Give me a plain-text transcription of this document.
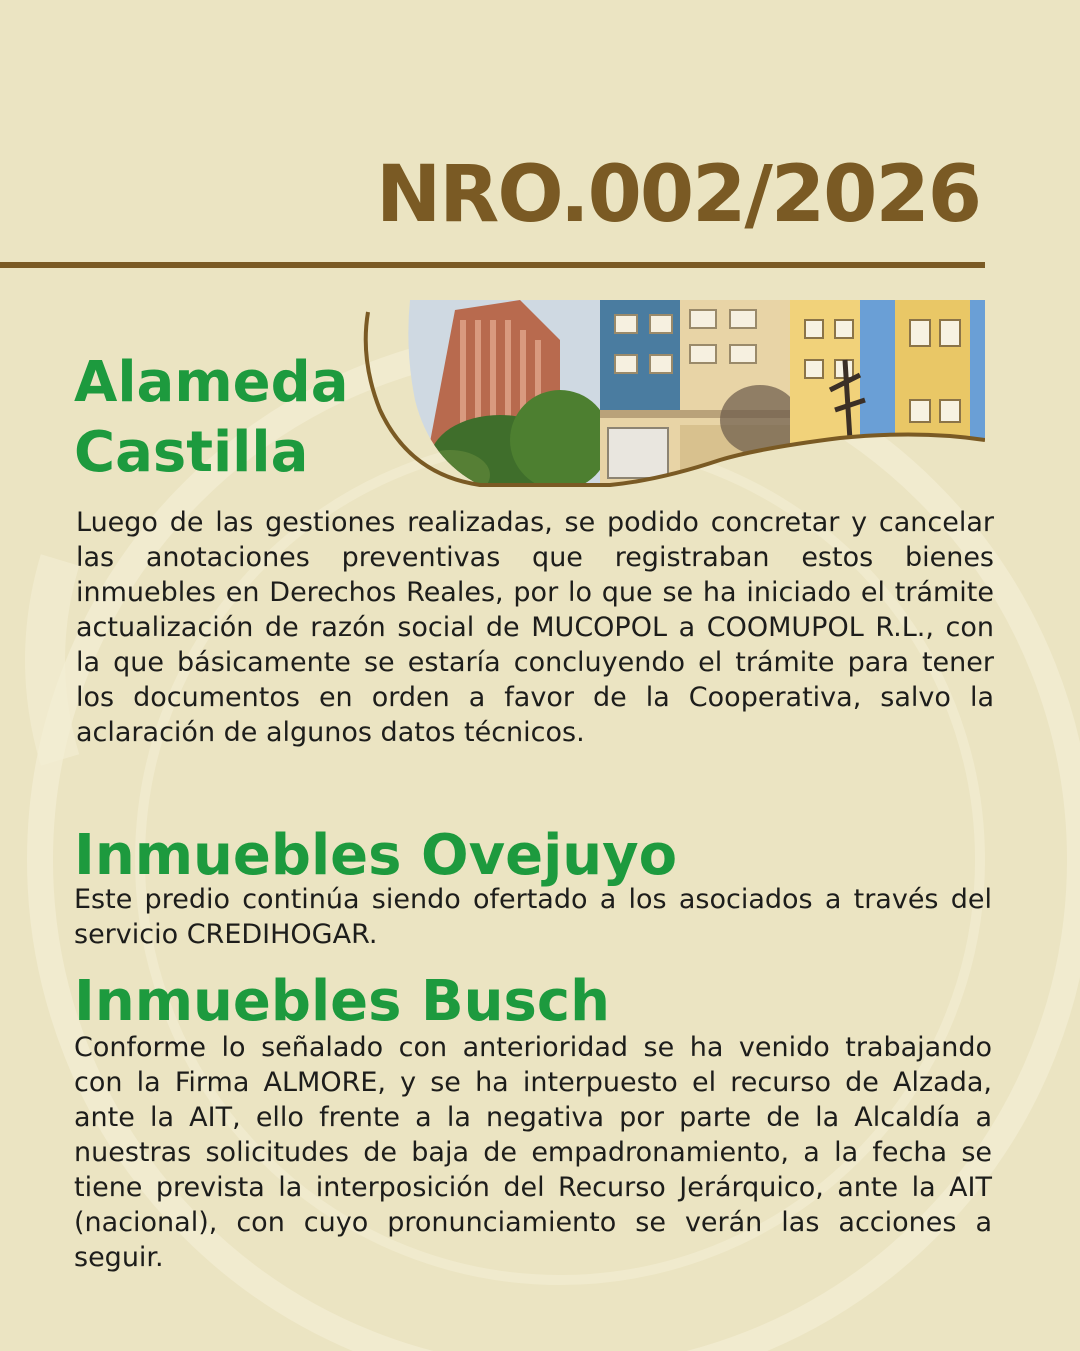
NRO.002/2026
Alameda Castilla

Luego de las gestiones realizadas, se podido concretar y cancelar las anotaciones preventivas que registraban estos bienes inmuebles en Derechos Reales, por lo que se ha iniciado el trámite actualización de razón social de MUCOPOL a COOMUPOL R.L., con la que básicamente se estaría concluyendo el trámite para tener los documentos en orden a favor de la Cooperativa, salvo la aclaración de algunos datos técnicos.

Inmuebles Ovejuyo

Este predio continúa siendo ofertado a los asociados a través del servicio CREDIHOGAR.

Inmuebles Busch

Conforme lo señalado con anterioridad se ha venido trabajando con la Firma ALMORE, y se ha interpuesto el recurso de Alzada, ante la AIT, ello frente a la negativa por parte de la Alcaldía a nuestras solicitudes de baja de empadronamiento, a la fecha se tiene prevista la interposición del Recurso Jerárquico, ante la AIT (nacional), con cuyo pronunciamiento se verán las acciones a seguir.
